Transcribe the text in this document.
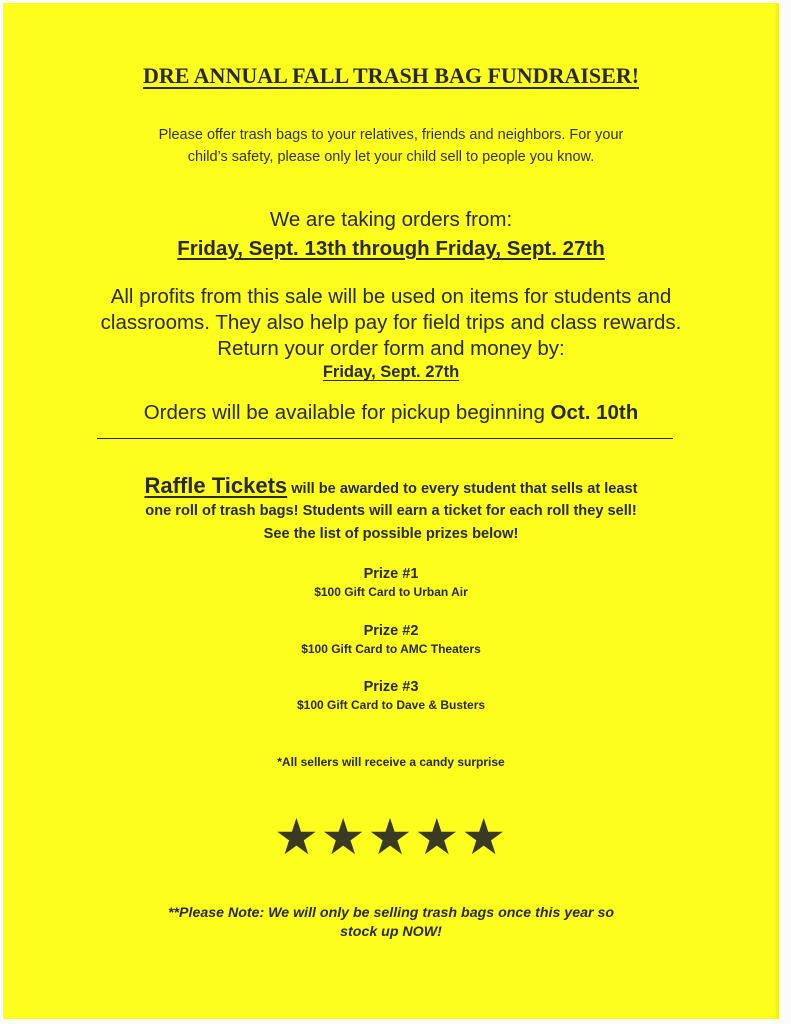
DRE ANNUAL FALL TRASH BAG FUNDRAISER!
Please offer trash bags to your relatives, friends and neighbors. For your
child’s safety, please only let your child sell to people you know.
We are taking orders from:
Friday, Sept. 13th through Friday, Sept. 27th
All profits from this sale will be used on items for students and
classrooms. They also help pay for field trips and class rewards.
Return your order form and money by:
Friday, Sept. 27th
Orders will be available for pickup beginning Oct. 10th
Raffle Tickets will be awarded to every student that sells at least
one roll of trash bags! Students will earn a ticket for each roll they sell!
See the list of possible prizes below!
Prize #1
$100 Gift Card to Urban Air
Prize #2
$100 Gift Card to AMC Theaters
Prize #3
$100 Gift Card to Dave & Busters
*All sellers will receive a candy surprise
★★★★★
**Please Note: We will only be selling trash bags once this year so
stock up NOW!
